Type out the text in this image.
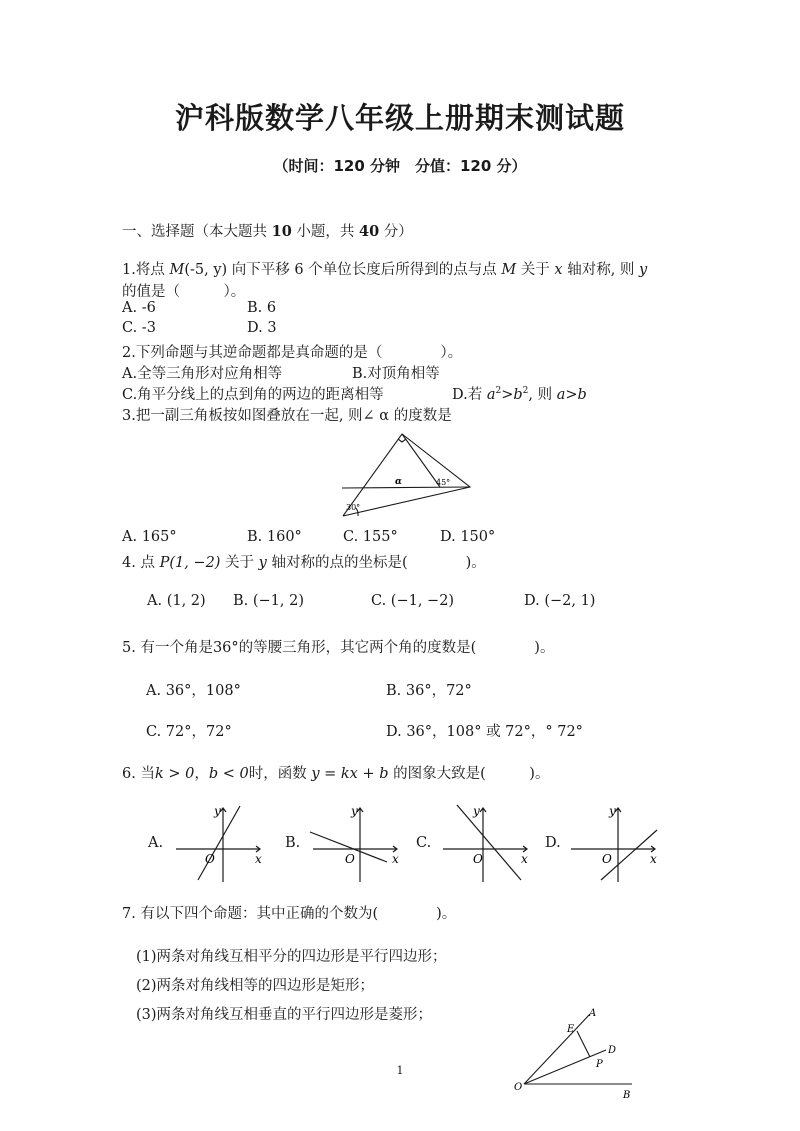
沪科版数学八年级上册期末测试题
（时间：120 分钟　分值：120 分）
一、选择题（本大题共 10 小题，共 40 分）
1.将点 M(-5, y) 向下平移 6 个单位长度后所得到的点与点 M 关于 x 轴对称, 则 y
的值是（　　　）。
A. -6	B. 6
C. -3	D. 3
2.下列命题与其逆命题都是真命题的是（　　　　）。
A.全等三角形对应角相等	B.对顶角相等
C.角平分线上的点到角的两边的距离相等	D.若 $a^2>b^2$, 则 a>b
3.把一副三角板按如图叠放在一起, 则∠ α 的度数是
α
30°
45°
A. 165°	B. 160°	C. 155°	D. 150°
4. 点 P(1, −2) 关于 y 轴对称的点的坐标是(　　　　)。
A. (1, 2) B. (−1, 2)	C. (−1, −2)	D. (−2, 1)
5. 有一个角是36°的等腰三角形，其它两个角的度数是(　　　　)。
A. 36°，108°	B. 36°，72°
C. 72°，72°	D. 36°，108° 或 72°，° 72°
6. 当k > 0，b < 0时，函数 y = kx + b 的图象大致是(　　　)。
A.
y
x
O
B.
y
x
O
C.
y
x
O
D.
y
x
O
7. 有以下四个命题：其中正确的个数为(　　　　)。
(1)两条对角线互相平分的四边形是平行四边形；
(2)两条对角线相等的四边形是矩形；
(3)两条对角线互相垂直的平行四边形是菱形；	A
E
D
P
O
B
1
